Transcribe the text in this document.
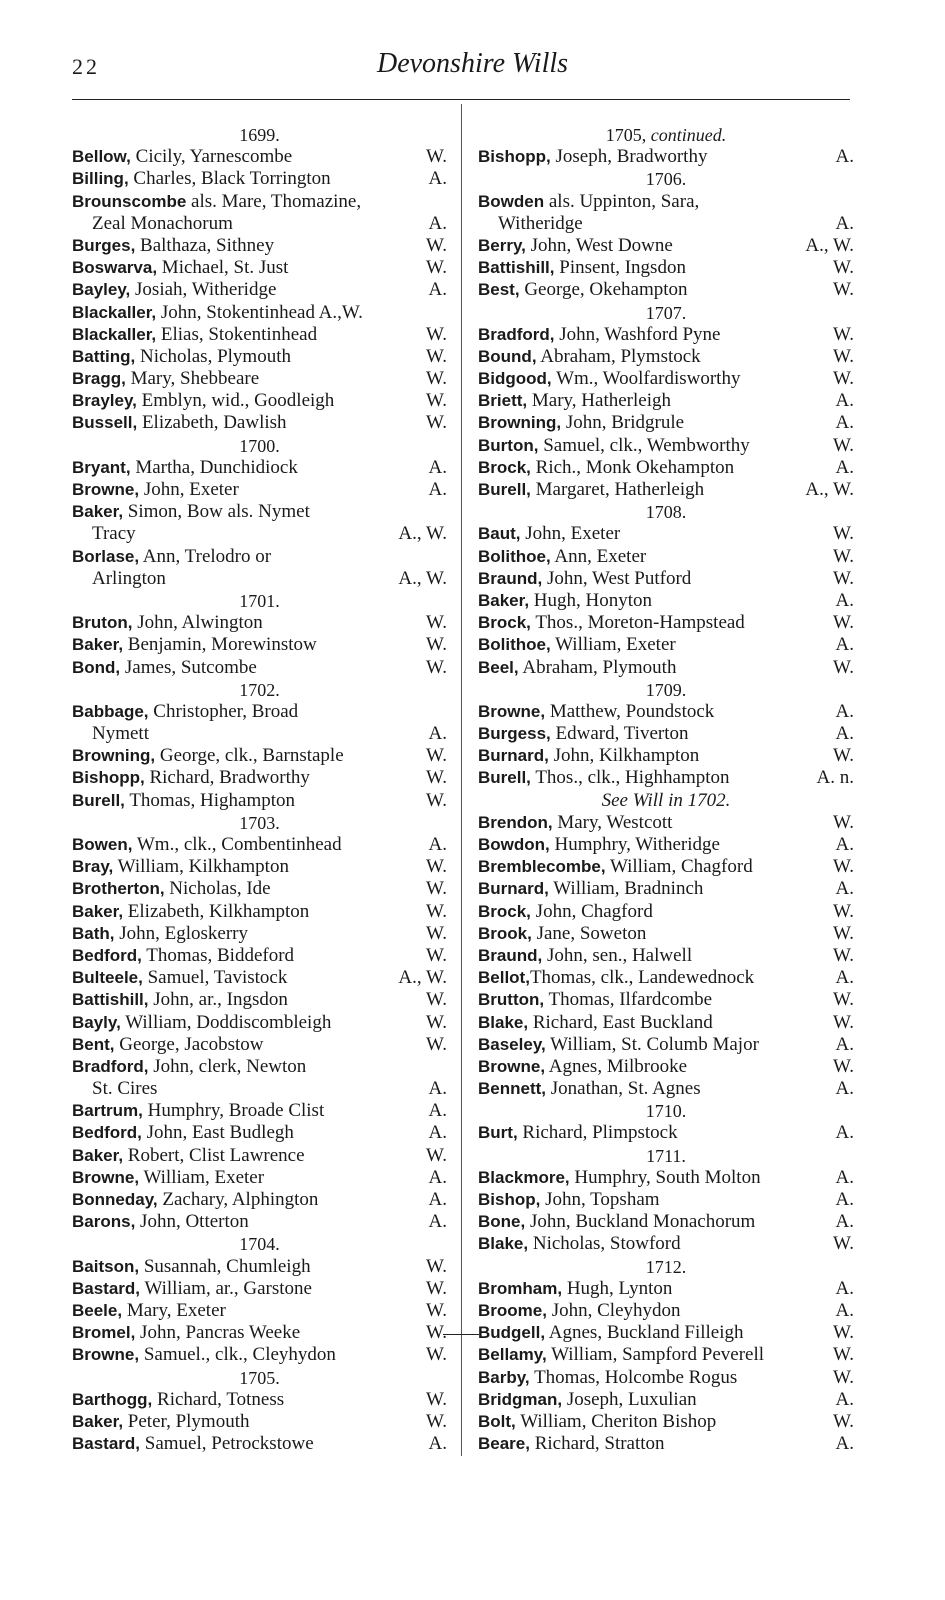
22	Devonshire Wills
1699.
Bellow, Cicily, Yarnescombe	W.
Billing, Charles, Black Torrington	A.
Brounscombe als. Mare, Thomazine,
Zeal Monachorum	A.
Burges, Balthaza, Sithney	W.
Boswarva, Michael, St. Just	W.
Bayley, Josiah, Witheridge	A.
Blackaller, John, Stokentinhead A.,W.
Blackaller, Elias, Stokentinhead	W.
Batting, Nicholas, Plymouth	W.
Bragg, Mary, Shebbeare	W.
Brayley, Emblyn, wid., Goodleigh	W.
Bussell, Elizabeth, Dawlish	W.
1700.
Bryant, Martha, Dunchidiock	A.
Browne, John, Exeter	A.
Baker, Simon, Bow als. Nymet
Tracy	A., W.
Borlase, Ann, Trelodro or
Arlington	A., W.
1701.
Bruton, John, Alwington	W.
Baker, Benjamin, Morewinstow	W.
Bond, James, Sutcombe	W.
1702.
Babbage, Christopher, Broad
Nymett	A.
Browning, George, clk., Barnstaple	W.
Bishopp, Richard, Bradworthy	W.
Burell, Thomas, Highampton	W.
1703.
Bowen, Wm., clk., Combentinhead	A.
Bray, William, Kilkhampton	W.
Brotherton, Nicholas, Ide	W.
Baker, Elizabeth, Kilkhampton	W.
Bath, John, Egloskerry	W.
Bedford, Thomas, Biddeford	W.
Bulteele, Samuel, Tavistock	A., W.
Battishill, John, ar., Ingsdon	W.
Bayly, William, Doddiscombleigh	W.
Bent, George, Jacobstow	W.
Bradford, John, clerk, Newton
St. Cires	A.
Bartrum, Humphry, Broade Clist	A.
Bedford, John, East Budlegh	A.
Baker, Robert, Clist Lawrence	W.
Browne, William, Exeter	A.
Bonneday, Zachary, Alphington	A.
Barons, John, Otterton	A.
1704.
Baitson, Susannah, Chumleigh	W.
Bastard, William, ar., Garstone	W.
Beele, Mary, Exeter	W.
Bromel, John, Pancras Weeke	W.
Browne, Samuel., clk., Cleyhydon	W.
1705.
Barthogg, Richard, Totness	W.
Baker, Peter, Plymouth	W.
Bastard, Samuel, Petrockstowe	A.
1705, continued.
Bishopp, Joseph, Bradworthy	A.
1706.
Bowden als. Uppinton, Sara,
Witheridge	A.
Berry, John, West Downe	A., W.
Battishill, Pinsent, Ingsdon	W.
Best, George, Okehampton	W.
1707.
Bradford, John, Washford Pyne	W.
Bound, Abraham, Plymstock	W.
Bidgood, Wm., Woolfardisworthy	W.
Briett, Mary, Hatherleigh	A.
Browning, John, Bridgrule	A.
Burton, Samuel, clk., Wembworthy	W.
Brock, Rich., Monk Okehampton	A.
Burell, Margaret, Hatherleigh	A., W.
1708.
Baut, John, Exeter	W.
Bolithoe, Ann, Exeter	W.
Braund, John, West Putford	W.
Baker, Hugh, Honyton	A.
Brock, Thos., Moreton-Hampstead	W.
Bolithoe, William, Exeter	A.
Beel, Abraham, Plymouth	W.
1709.
Browne, Matthew, Poundstock	A.
Burgess, Edward, Tiverton	A.
Burnard, John, Kilkhampton	W.
Burell, Thos., clk., Highhampton	A. n.
See Will in 1702.
Brendon, Mary, Westcott	W.
Bowdon, Humphry, Witheridge	A.
Bremblecombe, William, Chagford	W.
Burnard, William, Bradninch	A.
Brock, John, Chagford	W.
Brook, Jane, Soweton	W.
Braund, John, sen., Halwell	W.
Bellot,Thomas, clk., Landewednock	A.
Brutton, Thomas, Ilfardcombe	W.
Blake, Richard, East Buckland	W.
Baseley, William, St. Columb Major	A.
Browne, Agnes, Milbrooke	W.
Bennett, Jonathan, St. Agnes	A.
1710.
Burt, Richard, Plimpstock	A.
1711.
Blackmore, Humphry, South Molton	A.
Bishop, John, Topsham	A.
Bone, John, Buckland Monachorum	A.
Blake, Nicholas, Stowford	W.
1712.
Bromham, Hugh, Lynton	A.
Broome, John, Cleyhydon	A.
Budgell, Agnes, Buckland Filleigh	W.
Bellamy, William, Sampford Peverell	W.
Barby, Thomas, Holcombe Rogus	W.
Bridgman, Joseph, Luxulian	A.
Bolt, William, Cheriton Bishop	W.
Beare, Richard, Stratton	A.
